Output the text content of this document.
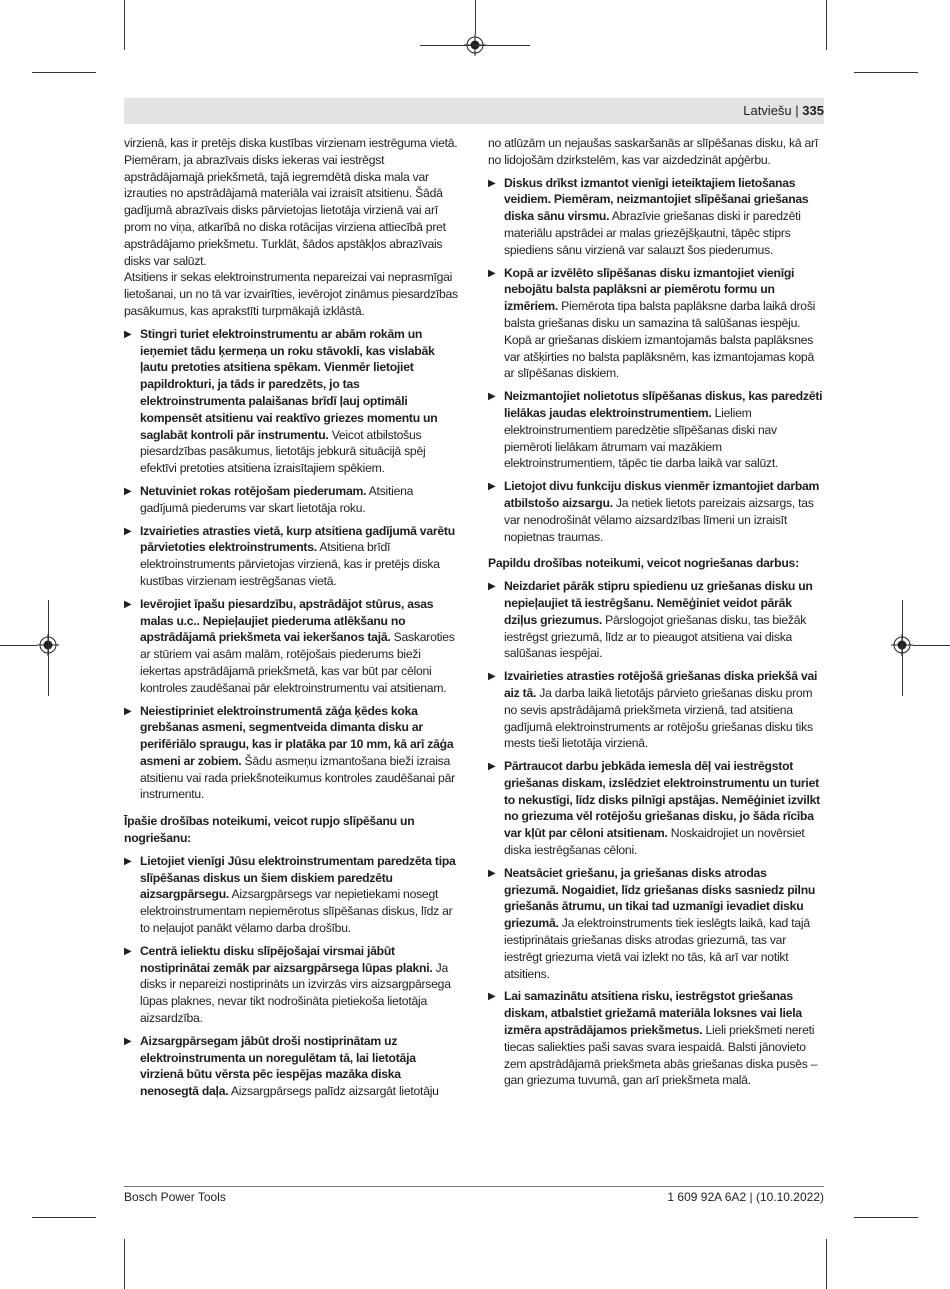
Latviešu | 335

virzienā, kas ir pretējs diska kustības virzienam iestrēguma vietā.

Piemēram, ja abrazīvais disks iekeras vai iestrēgst apstrādājamajā priekšmetā, tajā iegremdētā diska mala var izrauties no apstrādājamā materiāla vai izraisīt atsitienu. Šādā gadījumā abrazīvais disks pārvietojas lietotāja virzienā vai arī prom no viņa, atkarībā no diska rotācijas virziena attiecībā pret apstrādājamo priekšmetu. Turklāt, šādos apstākļos abrazīvais disks var salūzt.

Atsitiens ir sekas elektroinstrumenta nepareizai vai neprasmīgai lietošanai, un no tā var izvairīties, ievērojot zināmus piesardzības pasākumus, kas aprakstīti turpmākajā izklāstā.

▶ Stingri turiet elektroinstrumentu ar abām rokām un ieņemiet tādu ķermeņa un roku stāvokli, kas vislabāk ļautu pretoties atsitiena spēkam. Vienmēr lietojiet papildrokturi, ja tāds ir paredzēts, jo tas elektroinstrumenta palaišanas brīdī ļauj optimāli kompensēt atsitienu vai reaktīvo griezes momentu un saglabāt kontroli pār instrumentu. Veicot atbilstošus piesardzības pasākumus, lietotājs jebkurā situācijā spēj efektīvi pretoties atsitiena izraisītajiem spēkiem.
▶ Netuviniet rokas rotējošam piederumam. Atsitiena gadījumā piederums var skart lietotāja roku.
▶ Izvairieties atrasties vietā, kurp atsitiena gadījumā varētu pārvietoties elektroinstruments. Atsitiena brīdī elektroinstruments pārvietojas virzienā, kas ir pretējs diska kustības virzienam iestrēgšanas vietā.
▶ Ievērojiet īpašu piesardzību, apstrādājot stūrus, asas malas u.c.. Nepieļaujiet piederuma atlēkšanu no apstrādājamā priekšmeta vai iekeršanos tajā. Saskaroties ar stūriem vai asām malām, rotējošais piederums bieži iekertas apstrādājamā priekšmetā, kas var būt par cēloni kontroles zaudēšanai pār elektroinstrumentu vai atsitienam.
▶ Neiestipriniet elektroinstrumentā zāģa ķēdes koka grebšanas asmeni, segmentveida dimanta disku ar perifēriālo spraugu, kas ir platāka par 10 mm, kā arī zāģa asmeni ar zobiem. Šādu asmeņu izmantošana bieži izraisa atsitienu vai rada priekšnoteikumus kontroles zaudēšanai pār instrumentu.
Īpašie drošības noteikumi, veicot rupjo slīpēšanu un nogriešanu:
▶ Lietojiet vienīgi Jūsu elektroinstrumentam paredzēta tipa slīpēšanas diskus un šiem diskiem paredzētu aizsargpārsegu. Aizsargpārsegs var nepietiekami nosegt elektroinstrumentam nepiemērotus slīpēšanas diskus, līdz ar to neļaujot panākt vēlamo darba drošību.
▶ Centrā ieliektu disku slīpējošajai virsmai jābūt nostiprinātai zemāk par aizsargpārsega lūpas plakni. Ja disks ir nepareizi nostiprināts un izvirzās virs aizsargpārsega lūpas plaknes, nevar tikt nodrošināta pietiekoša lietotāja aizsardzība.
▶ Aizsargpārsegam jābūt droši nostiprinātam uz elektroinstrumenta un noregulētam tā, lai lietotāja virzienā būtu vērsta pēc iespējas mazāka diska nenosegtā daļa. Aizsargpārsegs palīdz aizsargāt lietotāju

no atlūzām un nejaušas saskaršanās ar slīpēšanas disku, kā arī no lidojošām dzirkstelēm, kas var aizdedzināt apģērbu.

▶ Diskus drīkst izmantot vienīgi ieteiktajiem lietošanas veidiem. Piemēram, neizmantojiet slīpēšanai griešanas diska sānu virsmu. Abrazīvie griešanas diski ir paredzēti materiālu apstrādei ar malas griezējšķautni, tāpēc stiprs spiediens sānu virzienā var salauzt šos piederumus.
▶ Kopā ar izvēlēto slīpēšanas disku izmantojiet vienīgi nebojātu balsta paplāksni ar piemērotu formu un izmēriem. Piemērota tipa balsta paplāksne darba laikā droši balsta griešanas disku un samazina tā salūšanas iespēju. Kopā ar griešanas diskiem izmantojamās balsta paplāksnes var atšķirties no balsta paplāksnēm, kas izmantojamas kopā ar slīpēšanas diskiem.
▶ Neizmantojiet nolietotus slīpēšanas diskus, kas paredzēti lielākas jaudas elektroinstrumentiem. Lieliem elektroinstrumentiem paredzētie slīpēšanas diski nav piemēroti lielākam ātrumam vai mazākiem elektroinstrumentiem, tāpēc tie darba laikā var salūzt.
▶ Lietojot divu funkciju diskus vienmēr izmantojiet darbam atbilstošo aizsargu. Ja netiek lietots pareizais aizsargs, tas var nenodrošināt vēlamo aizsardzības līmeni un izraisīt nopietnas traumas.
Papildu drošības noteikumi, veicot nogriešanas darbus:
▶ Neizdariet pārāk stipru spiedienu uz griešanas disku un nepieļaujiet tā iestrēgšanu. Nemēģiniet veidot pārāk dziļus griezumus. Pārslogojot griešanas disku, tas biežāk iestrēgst griezumā, līdz ar to pieaugot atsitiena vai diska salūšanas iespējai.
▶ Izvairieties atrasties rotējošā griešanas diska priekšā vai aiz tā. Ja darba laikā lietotājs pārvieto griešanas disku prom no sevis apstrādājamā priekšmeta virzienā, tad atsitiena gadījumā elektroinstruments ar rotējošu griešanas disku tiks mests tieši lietotāja virzienā.
▶ Pārtraucot darbu jebkāda iemesla dēļ vai iestrēgstot griešanas diskam, izslēdziet elektroinstrumentu un turiet to nekustīgi, līdz disks pilnīgi apstājas. Nemēģiniet izvilkt no griezuma vēl rotējošu griešanas disku, jo šāda rīcība var kļūt par cēloni atsitienam. Noskaidrojiet un novērsiet diska iestrēgšanas cēloni.
▶ Neatsāciet griešanu, ja griešanas disks atrodas griezumā. Nogaidiet, līdz griešanas disks sasniedz pilnu griešanās ātrumu, un tikai tad uzmanīgi ievadiet disku griezumā. Ja elektroinstruments tiek ieslēgts laikā, kad tajā iestiprinātais griešanas disks atrodas griezumā, tas var iestrēgt griezuma vietā vai izlekt no tās, kā arī var notikt atsitiens.
▶ Lai samazinātu atsitiena risku, iestrēgstot griešanas diskam, atbalstiet griežamā materiāla loksnes vai liela izmēra apstrādājamos priekšmetus. Lieli priekšmeti nereti tiecas saliekties paši savas svara iespaidā. Balsti jānovieto zem apstrādājamā priekšmeta abās griešanas diska pusēs – gan griezuma tuvumā, gan arī priekšmeta malā.
Bosch Power Tools	1 609 92A 6A2 | (10.10.2022)
